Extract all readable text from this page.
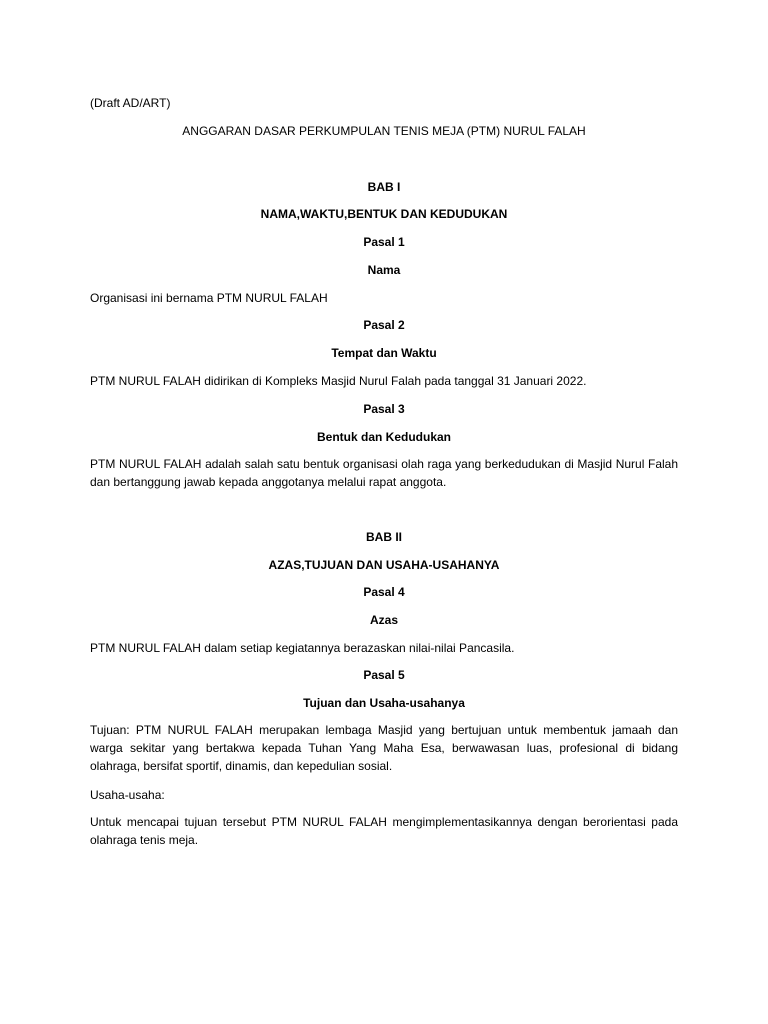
(Draft AD/ART)

ANGGARAN DASAR PERKUMPULAN TENIS MEJA (PTM) NURUL FALAH

BAB I

NAMA,WAKTU,BENTUK DAN KEDUDUKAN

Pasal 1

Nama

Organisasi ini bernama PTM NURUL FALAH

Pasal 2

Tempat dan Waktu

PTM NURUL FALAH didirikan di Kompleks Masjid Nurul Falah pada tanggal 31 Januari 2022.

Pasal 3

Bentuk dan Kedudukan

PTM NURUL FALAH adalah salah satu bentuk organisasi olah raga yang berkedudukan di Masjid Nurul Falah dan bertanggung jawab kepada anggotanya melalui rapat anggota.

BAB II

AZAS,TUJUAN DAN USAHA-USAHANYA

Pasal 4

Azas

PTM NURUL FALAH dalam setiap kegiatannya berazaskan nilai-nilai Pancasila.

Pasal 5

Tujuan dan Usaha-usahanya

Tujuan: PTM NURUL FALAH merupakan lembaga Masjid yang bertujuan untuk membentuk jamaah dan warga sekitar yang bertakwa kepada Tuhan Yang Maha Esa, berwawasan luas, profesional di bidang olahraga, bersifat sportif, dinamis, dan kepedulian sosial.

Usaha-usaha:

Untuk mencapai tujuan tersebut PTM NURUL FALAH mengimplementasikannya dengan berorientasi pada olahraga tenis meja.
